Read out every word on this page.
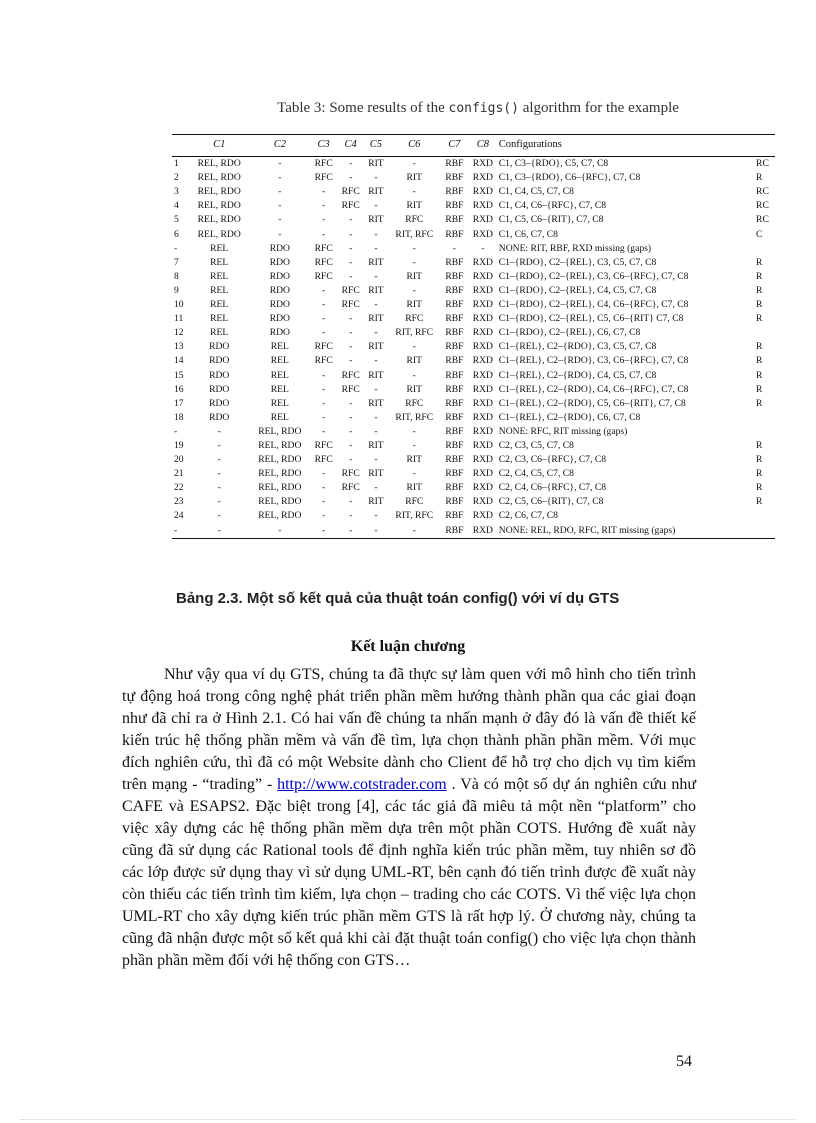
Table 3: Some results of the configs() algorithm for the example
	C1	C2	C3	C4	C5	C6	C7	C8	Configurations	
1	REL, RDO	-	RFC	-	RIT	-	RBF	RXD	C1, C3–{RDO}, C5, C7, C8	RC
2	REL, RDO	-	RFC	-	-	RIT	RBF	RXD	C1, C3–{RDO}, C6–{RFC}, C7, C8	R
3	REL, RDO	-	-	RFC	RIT	-	RBF	RXD	C1, C4, C5, C7, C8	RC
4	REL, RDO	-	-	RFC	-	RIT	RBF	RXD	C1, C4, C6–{RFC}, C7, C8	RC
5	REL, RDO	-	-	-	RIT	RFC	RBF	RXD	C1, C5, C6–{RIT}, C7, C8	RC
6	REL, RDO	-	-	-	-	RIT, RFC	RBF	RXD	C1, C6, C7, C8	C
-	REL	RDO	RFC	-	-	-	-	-	NONE: RIT, RBF, RXD missing (gaps)	
7	REL	RDO	RFC	-	RIT	-	RBF	RXD	C1–{RDO}, C2–{REL}, C3, C5, C7, C8	R
8	REL	RDO	RFC	-	-	RIT	RBF	RXD	C1–{RDO}, C2–{REL}, C3, C6–{RFC}, C7, C8	R
9	REL	RDO	-	RFC	RIT	-	RBF	RXD	C1–{RDO}, C2–{REL}, C4, C5, C7, C8	R
10	REL	RDO	-	RFC	-	RIT	RBF	RXD	C1–{RDO}, C2–{REL}, C4, C6–{RFC}, C7, C8	R
11	REL	RDO	-	-	RIT	RFC	RBF	RXD	C1–{RDO}, C2–{REL}, C5, C6–{RIT} C7, C8	R
12	REL	RDO	-	-	-	RIT, RFC	RBF	RXD	C1–{RDO}, C2–{REL}, C6, C7, C8	
13	RDO	REL	RFC	-	RIT	-	RBF	RXD	C1–{REL}, C2–{RDO}, C3, C5, C7, C8	R
14	RDO	REL	RFC	-	-	RIT	RBF	RXD	C1–{REL}, C2–{RDO}, C3, C6–{RFC}, C7, C8	R
15	RDO	REL	-	RFC	RIT	-	RBF	RXD	C1–{REL}, C2–{RDO}, C4, C5, C7, C8	R
16	RDO	REL	-	RFC	-	RIT	RBF	RXD	C1–{REL}, C2–{RDO}, C4, C6–{RFC}, C7, C8	R
17	RDO	REL	-	-	RIT	RFC	RBF	RXD	C1–{REL}, C2–{RDO}, C5, C6–{RIT}, C7, C8	R
18	RDO	REL	-	-	-	RIT, RFC	RBF	RXD	C1–{REL}, C2–{RDO}, C6, C7, C8	
-	-	REL, RDO	-	-	-	-	RBF	RXD	NONE: RFC, RIT missing (gaps)	
19	-	REL, RDO	RFC	-	RIT	-	RBF	RXD	C2, C3, C5, C7, C8	R
20	-	REL, RDO	RFC	-	-	RIT	RBF	RXD	C2, C3, C6–{RFC}, C7, C8	R
21	-	REL, RDO	-	RFC	RIT	-	RBF	RXD	C2, C4, C5, C7, C8	R
22	-	REL, RDO	-	RFC	-	RIT	RBF	RXD	C2, C4, C6–{RFC}, C7, C8	R
23	-	REL, RDO	-	-	RIT	RFC	RBF	RXD	C2, C5, C6–{RIT}, C7, C8	R
24	-	REL, RDO	-	-	-	RIT, RFC	RBF	RXD	C2, C6, C7, C8	
-	-	-	-	-	-	-	RBF	RXD	NONE: REL, RDO, RFC, RIT missing (gaps)	
Bảng 2.3. Một số kết quả của thuật toán config() với ví dụ GTS
Kết luận chương

Như vậy qua ví dụ GTS, chúng ta đã thực sự làm quen với mô hình cho tiến trình tự động hoá trong công nghệ phát triển phần mềm hướng thành phần qua các giai đoạn như đã chỉ ra ở Hình 2.1. Có hai vấn đề chúng ta nhấn mạnh ở đây đó là vấn đề thiết kế kiến trúc hệ thống phần mềm và vấn đề tìm, lựa chọn thành phần phần mềm. Với mục đích nghiên cứu, thì đã có một Website dành cho Client để hỗ trợ cho dịch vụ tìm kiếm trên mạng - “trading” - http://www.cotstrader.com . Và có một số dự án nghiên cứu như CAFE và ESAPS2. Đặc biệt trong [4], các tác giả đã miêu tả một nền “platform” cho việc xây dựng các hệ thống phần mềm dựa trên một phần COTS. Hướng đề xuất này cũng đã sử dụng các Rational tools để định nghĩa kiến trúc phần mềm, tuy nhiên sơ đồ các lớp được sử dụng thay vì sử dụng UML-RT, bên cạnh đó tiến trình được đề xuất này còn thiếu các tiến trình tìm kiếm, lựa chọn – trading cho các COTS. Vì thế việc lựa chọn UML-RT cho xây dựng kiến trúc phần mềm GTS là rất hợp lý. Ở chương này, chúng ta cũng đã nhận được một số kết quả khi cài đặt thuật toán config() cho việc lựa chọn thành phần phần mềm đối với hệ thống con GTS…

54
